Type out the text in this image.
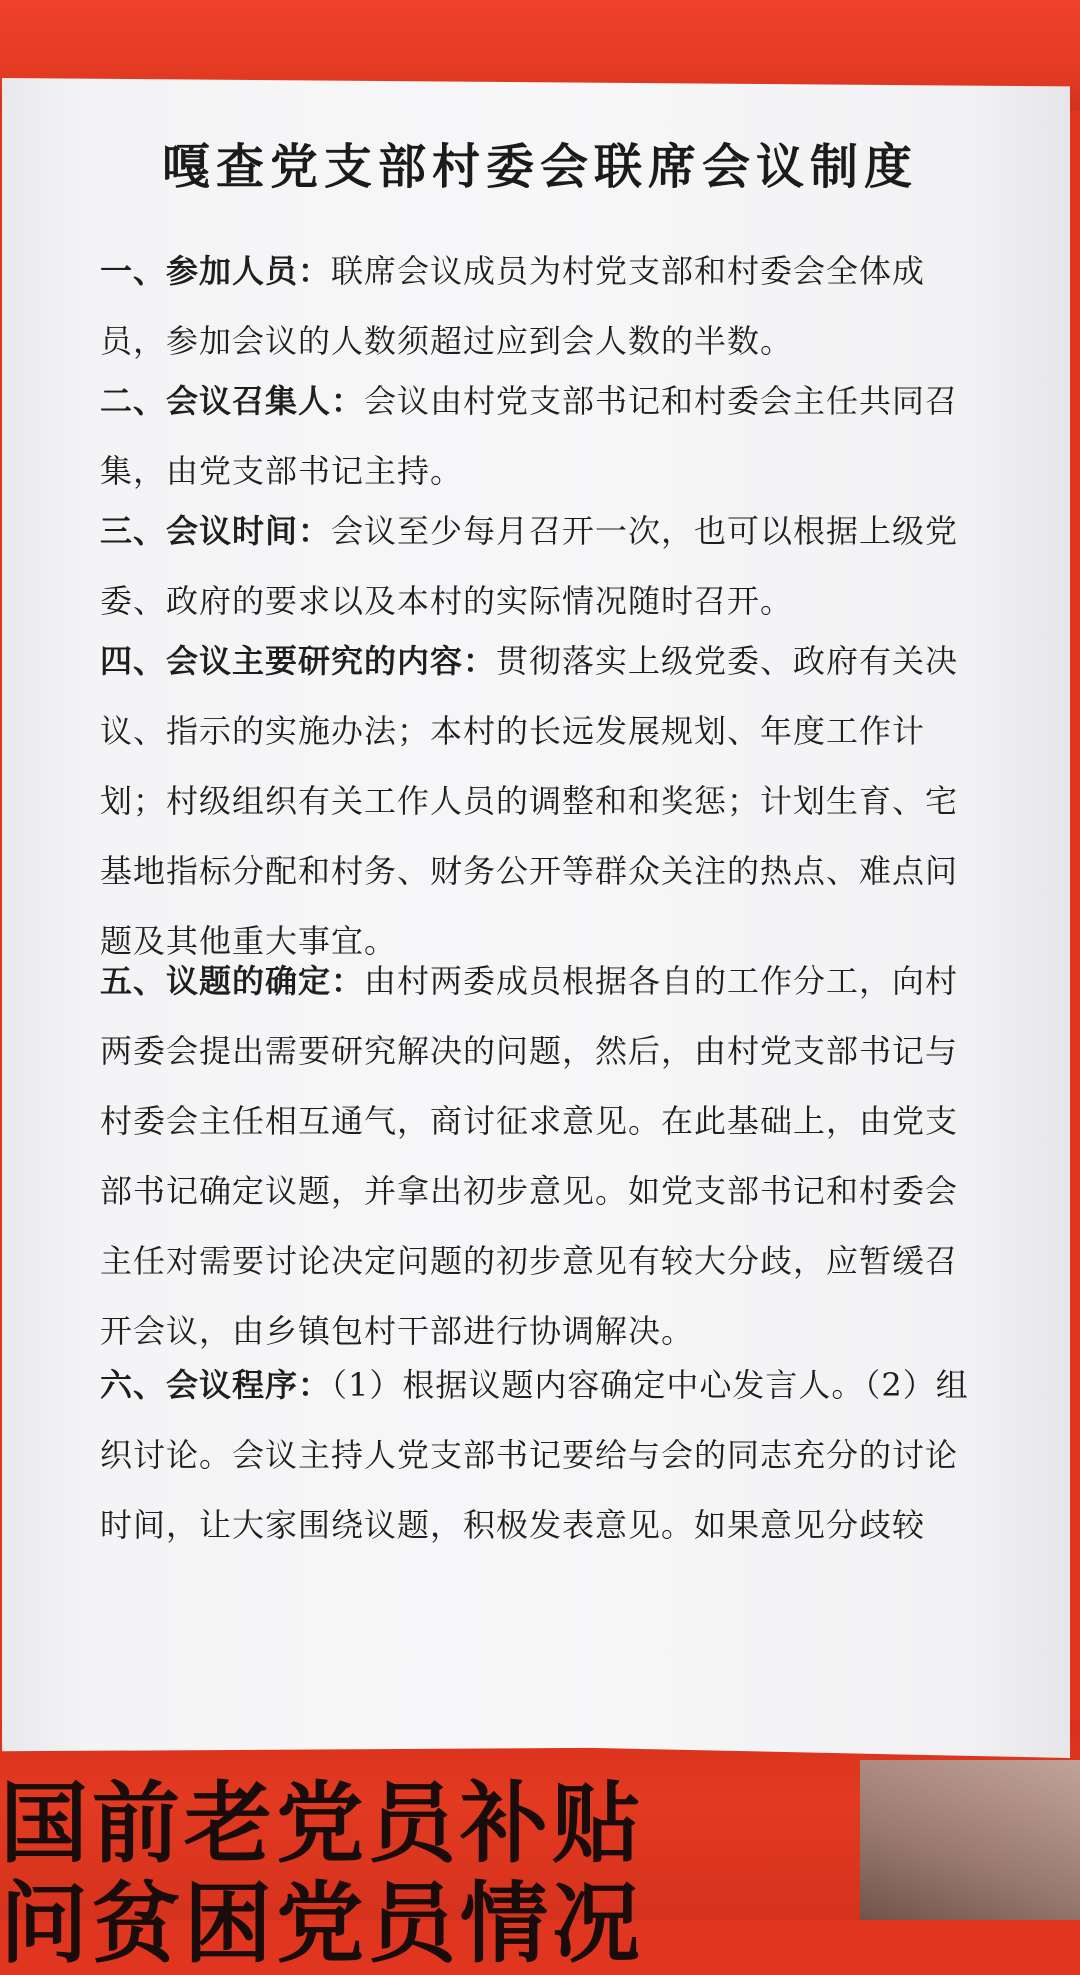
国前老党员补贴
问贫困党员情况
嘎查党支部村委会联席会议制度
一、参加人员：联席会议成员为村党支部和村委会全体成员，参加会议的人数须超过应到会人数的半数。
二、会议召集人：会议由村党支部书记和村委会主任共同召集，由党支部书记主持。
三、会议时间：会议至少每月召开一次，也可以根据上级党委、政府的要求以及本村的实际情况随时召开。
四、会议主要研究的内容：贯彻落实上级党委、政府有关决议、指示的实施办法；本村的长远发展规划、年度工作计划；村级组织有关工作人员的调整和和奖惩；计划生育、宅基地指标分配和村务、财务公开等群众关注的热点、难点问题及其他重大事宜。
五、议题的确定：由村两委成员根据各自的工作分工，向村两委会提出需要研究解决的问题，然后，由村党支部书记与村委会主任相互通气，商讨征求意见。在此基础上，由党支部书记确定议题，并拿出初步意见。如党支部书记和村委会主任对需要讨论决定问题的初步意见有较大分歧，应暂缓召开会议，由乡镇包村干部进行协调解决。
六、会议程序：（1）根据议题内容确定中心发言人。（2）组织讨论。会议主持人党支部书记要给与会的同志充分的讨论时间，让大家围绕议题，积极发表意见。如果意见分歧较
